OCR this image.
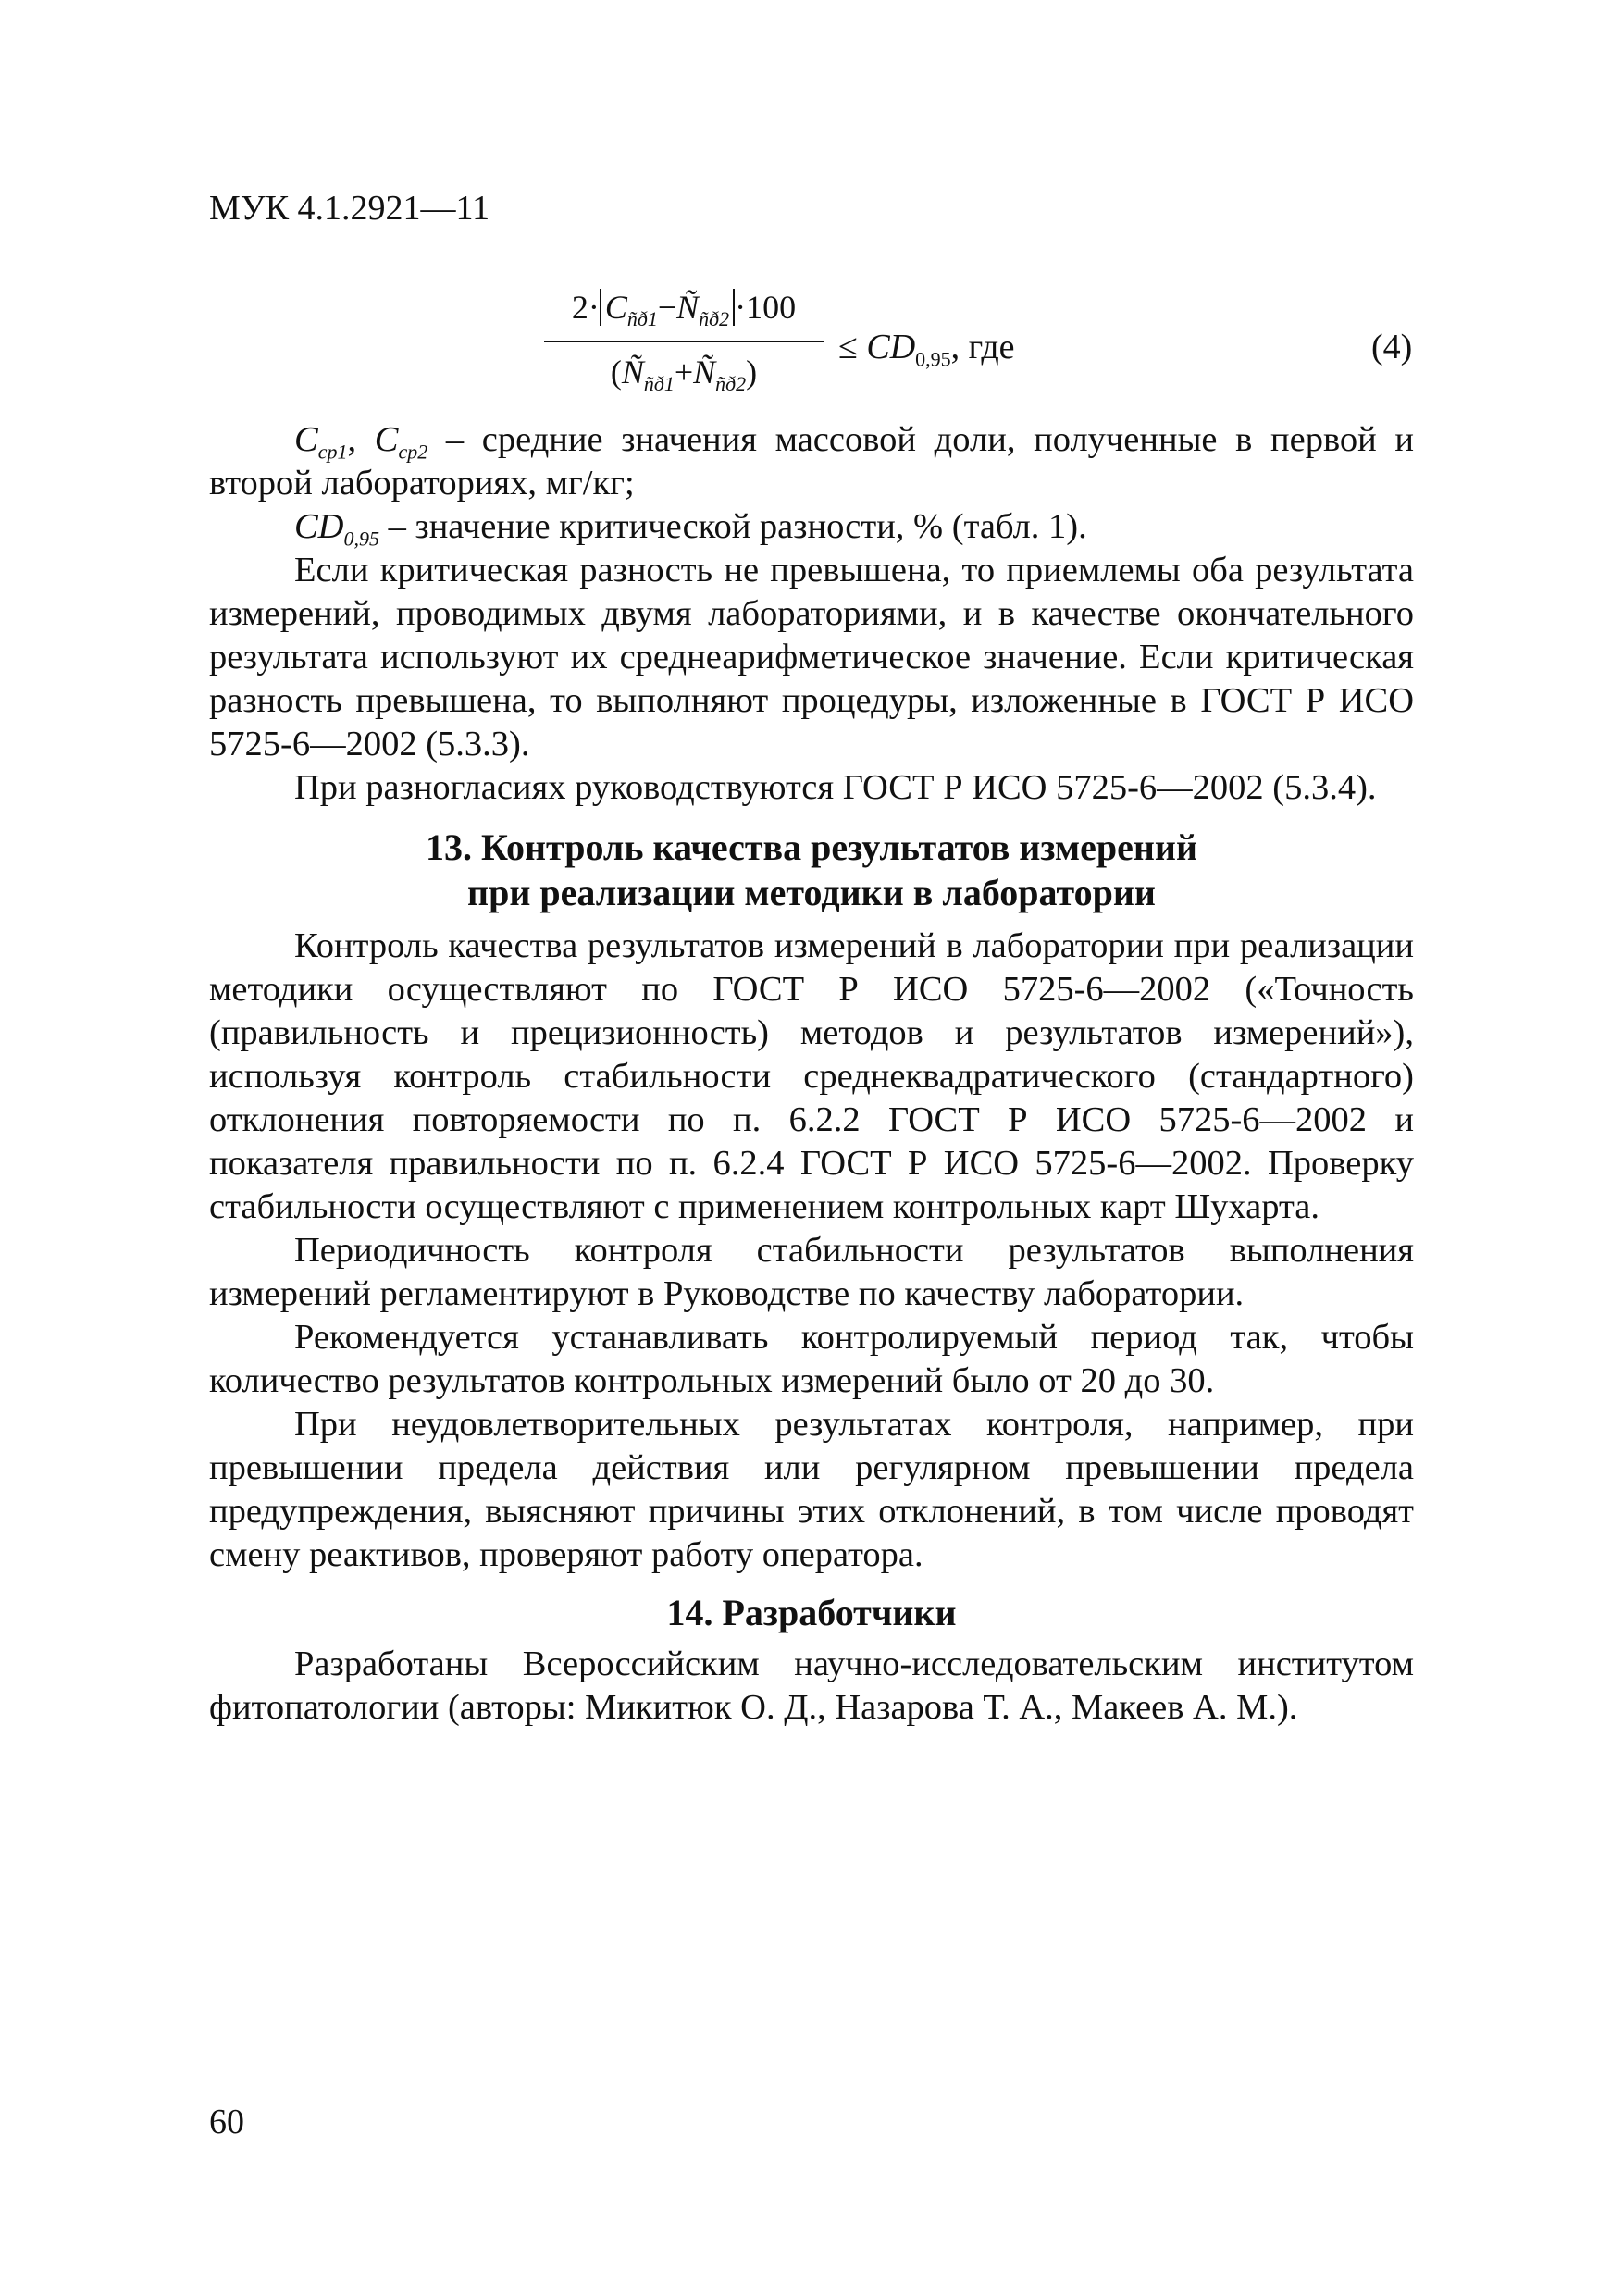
МУК 4.1.2921—11
$2\cdot C_{ñð1}-Ñ_{ñð2} \cdot 100$
$(Ñ_{ñð1}+Ñ_{ñð2})$
≤ $CD_{0,95}$, где	(4)

$C_{cp1}$, $C_{cp2}$ – средние значения массовой доли, полученные в первой и второй лабораториях, мг/кг;

$CD_{0,95}$ – значение критической разности, % (табл. 1).

Если критическая разность не превышена, то приемлемы оба результата измерений, проводимых двумя лабораториями, и в качестве окончательного результата используют их среднеарифметическое значение. Если критическая разность превышена, то выполняют процедуры, изложенные в ГОСТ Р ИСО 5725-6—2002 (5.3.3).

При разногласиях руководствуются ГОСТ Р ИСО 5725-6—2002 (5.3.4).

13. Контроль качества результатов измерений
при реализации методики в лаборатории

Контроль качества результатов измерений в лаборатории при реализации методики осуществляют по ГОСТ Р ИСО 5725-6—2002 («Точность (правильность и прецизионность) методов и результатов измерений»), используя контроль стабильности среднеквадратического (стандартного) отклонения повторяемости по п. 6.2.2 ГОСТ Р ИСО 5725-6—2002 и показателя правильности по п. 6.2.4 ГОСТ Р ИСО 5725-6—2002. Проверку стабильности осуществляют с применением контрольных карт Шухарта.

Периодичность контроля стабильности результатов выполнения измерений регламентируют в Руководстве по качеству лаборатории.

Рекомендуется устанавливать контролируемый период так, чтобы количество результатов контрольных измерений было от 20 до 30.

При неудовлетворительных результатах контроля, например, при превышении предела действия или регулярном превышении предела предупреждения, выясняют причины этих отклонений, в том числе проводят смену реактивов, проверяют работу оператора.

14. Разработчики

Разработаны Всероссийским научно-исследовательским институтом фитопатологии (авторы: Микитюк О. Д., Назарова Т. А., Макеев А. М.).

60
